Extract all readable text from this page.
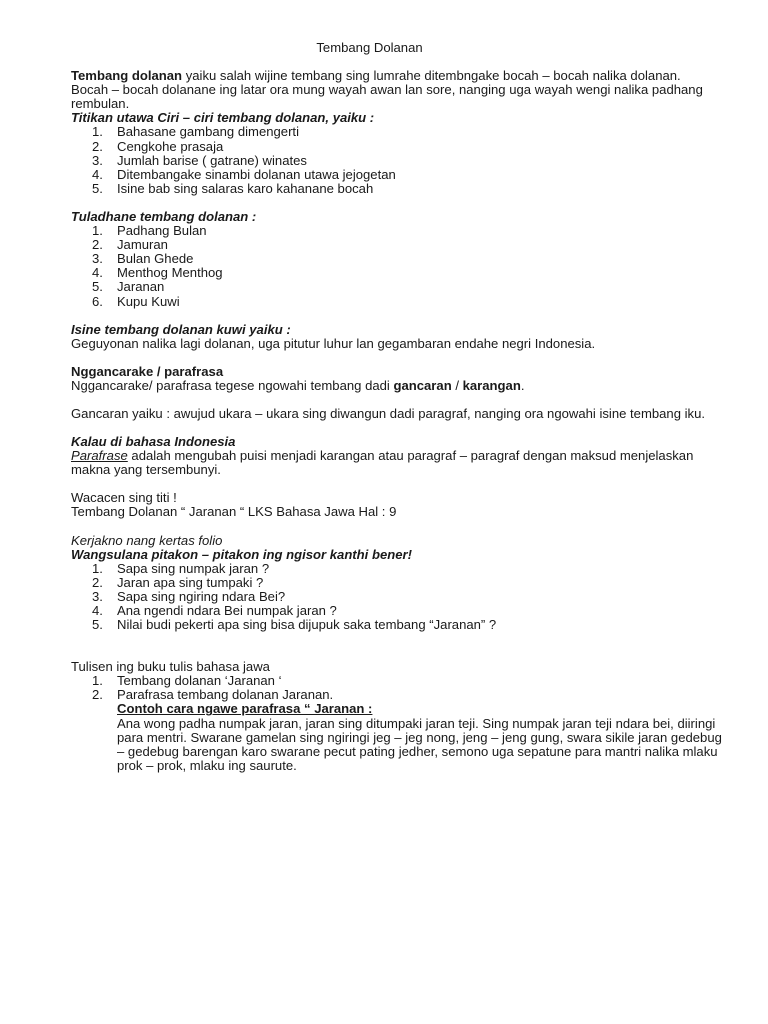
Tembang Dolanan

Tembang dolanan yaiku salah wijine tembang sing lumrahe ditembngake bocah – bocah nalika dolanan.

Bocah – bocah dolanane ing latar ora mung wayah awan lan sore, nanging uga wayah wengi nalika padhang rembulan.

Titikan utawa Ciri – ciri tembang dolanan, yaiku :

1. Bahasane gambang dimengerti
2. Cengkohe prasaja
3. Jumlah barise ( gatrane) winates
4. Ditembangake sinambi dolanan utawa jejogetan
5. Isine bab sing salaras karo kahanane bocah

Tuladhane tembang dolanan :

1. Padhang Bulan
2. Jamuran
3. Bulan Ghede
4. Menthog Menthog
5. Jaranan
6. Kupu Kuwi

Isine tembang dolanan kuwi yaiku :

Geguyonan nalika lagi dolanan, uga pitutur luhur lan gegambaran endahe negri Indonesia.

Nggancarake / parafrasa

Nggancarake/ parafrasa tegese ngowahi tembang dadi gancaran / karangan.

Gancaran yaiku : awujud ukara – ukara sing diwangun dadi paragraf, nanging ora ngowahi isine tembang iku.

Kalau di bahasa Indonesia

Parafrase adalah mengubah puisi menjadi karangan atau paragraf – paragraf dengan maksud menjelaskan makna yang tersembunyi.

Wacacen sing titi !

Tembang Dolanan “ Jaranan “ LKS Bahasa Jawa Hal : 9

Kerjakno nang kertas folio

Wangsulana pitakon – pitakon ing ngisor kanthi bener!

1. Sapa sing numpak jaran ?
2. Jaran apa sing tumpaki ?
3. Sapa sing ngiring ndara Bei?
4. Ana ngendi ndara Bei numpak jaran ?
5. Nilai budi pekerti apa sing bisa dijupuk saka tembang “Jaranan” ?

Tulisen ing buku tulis bahasa jawa

1. Tembang dolanan ‘Jaranan ‘
2. Parafrasa tembang dolanan Jaranan.

Contoh cara ngawe parafrasa “ Jaranan :

Ana wong padha numpak jaran, jaran sing ditumpaki jaran teji. Sing numpak jaran teji ndara bei, diiringi para mentri. Swarane gamelan sing ngiringi jeg – jeg nong, jeng – jeng gung, swara sikile jaran gedebug – gedebug barengan karo swarane pecut pating jedher, semono uga sepatune para mantri nalika mlaku prok – prok, mlaku ing saurute.
